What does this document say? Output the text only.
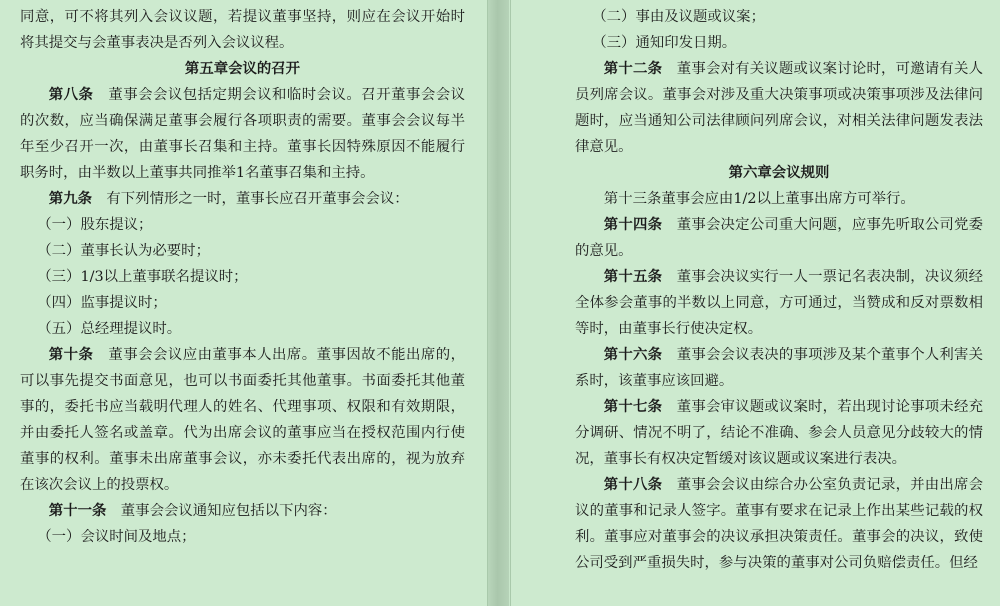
同意，可不将其列入会议议题，若提议董事坚持，则应在会议开始时将其提交与会董事表决是否列入会议议程。

第五章会议的召开

第八条　 董事会会议包括定期会议和临时会议。召开董事会会议的次数，应当确保满足董事会履行各项职责的需要。董事会会议每半年至少召开一次，由董事长召集和主持。董事长因特殊原因不能履行职务时，由半数以上董事共同推举1名董事召集和主持。

第九条　 有下列情形之一时，董事长应召开董事会会议：

（一）股东提议；

（二）董事长认为必要时；

（三）1/3以上董事联名提议时；

（四）监事提议时；

（五）总经理提议时。

第十条　 董事会会议应由董事本人出席。董事因故不能出席的，可以事先提交书面意见，也可以书面委托其他董事。书面委托其他董事的，委托书应当载明代理人的姓名、代理事项、权限和有效期限，并由委托人签名或盖章。代为出席会议的董事应当在授权范围内行使董事的权利。董事未出席董事会议，亦未委托代表出席的，视为放弃在该次会议上的投票权。

第十一条　 董事会会议通知应包括以下内容：

（一）会议时间及地点；

（二）事由及议题或议案；

（三）通知印发日期。

第十二条　 董事会对有关议题或议案讨论时，可邀请有关人员列席会议。董事会对涉及重大决策事项或决策事项涉及法律问题时，应当通知公司法律顾问列席会议，对相关法律问题发表法律意见。

第六章会议规则

第十三条董事会应由1/2以上董事出席方可举行。

第十四条　 董事会决定公司重大问题，应事先听取公司党委的意见。

第十五条　 董事会决议实行一人一票记名表决制，决议须经全体参会董事的半数以上同意，方可通过，当赞成和反对票数相等时，由董事长行使决定权。

第十六条　 董事会会议表决的事项涉及某个董事个人利害关系时，该董事应该回避。

第十七条　 董事会审议题或议案时，若出现讨论事项未经充分调研、情况不明了，结论不准确、参会人员意见分歧较大的情况，董事长有权决定暂缓对该议题或议案进行表决。

第十八条　 董事会会议由综合办公室负责记录，并由出席会议的董事和记录人签字。董事有要求在记录上作出某些记载的权利。董事应对董事会的决议承担决策责任。董事会的决议，致使公司受到严重损失时，参与决策的董事对公司负赔偿责任。但经
